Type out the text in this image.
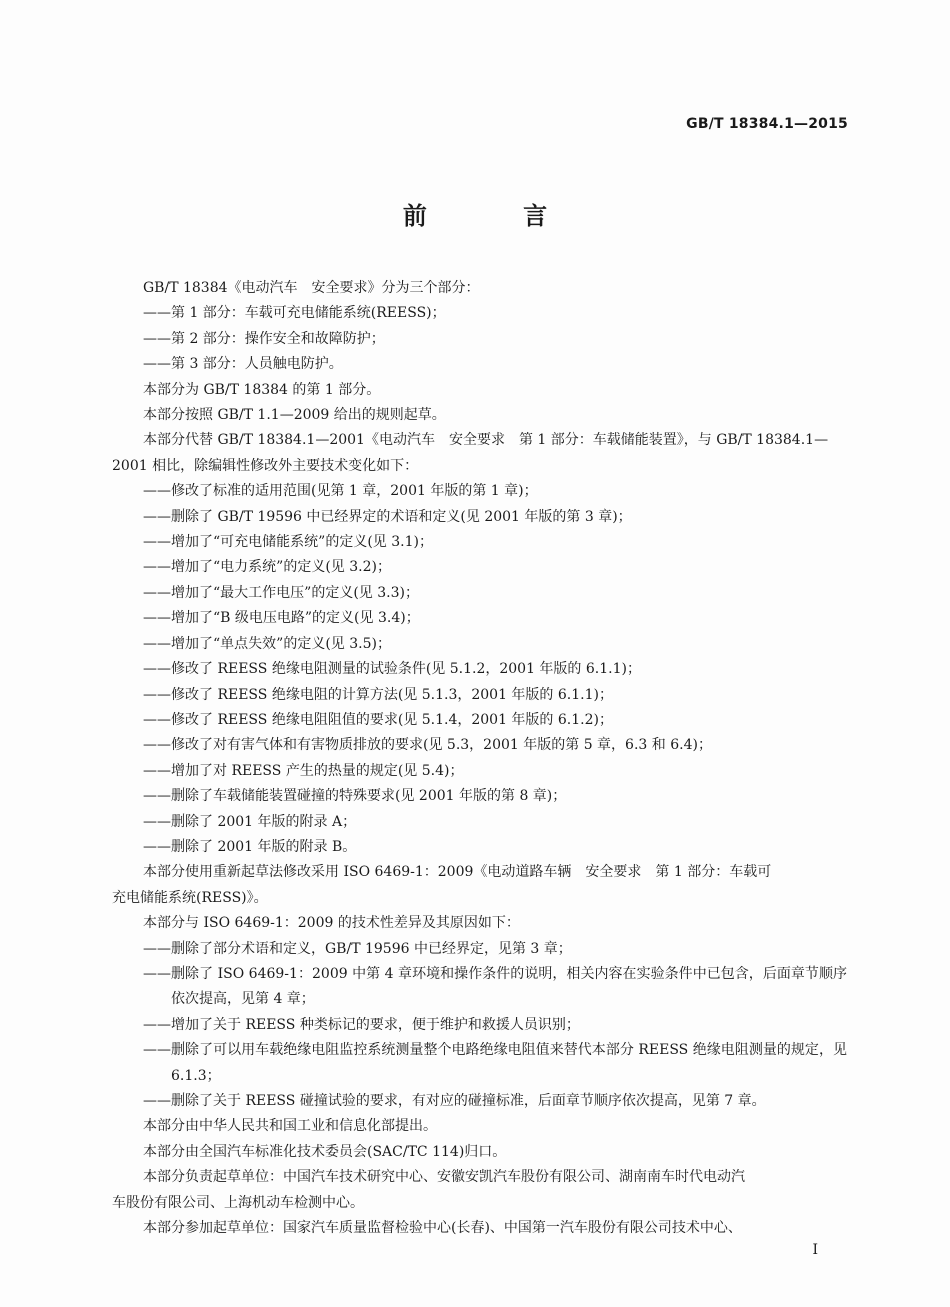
GB/T 18384.1—2015
前 言

GB/T 18384《电动汽车　安全要求》分为三个部分：

——第 1 部分：车载可充电储能系统(REESS)；

——第 2 部分：操作安全和故障防护；

——第 3 部分：人员触电防护。

本部分为 GB/T 18384 的第 1 部分。

本部分按照 GB/T 1.1—2009 给出的规则起草。

本部分代替 GB/T 18384.1—2001《电动汽车　安全要求　第 1 部分：车载储能装置》，与 GB/T 18384.1—

2001 相比，除编辑性修改外主要技术变化如下：

——修改了标准的适用范围(见第 1 章，2001 年版的第 1 章)；

——删除了 GB/T 19596 中已经界定的术语和定义(见 2001 年版的第 3 章)；

——增加了“可充电储能系统”的定义(见 3.1)；

——增加了“电力系统”的定义(见 3.2)；

——增加了“最大工作电压”的定义(见 3.3)；

——增加了“B 级电压电路”的定义(见 3.4)；

——增加了“单点失效”的定义(见 3.5)；

——修改了 REESS 绝缘电阻测量的试验条件(见 5.1.2，2001 年版的 6.1.1)；

——修改了 REESS 绝缘电阻的计算方法(见 5.1.3，2001 年版的 6.1.1)；

——修改了 REESS 绝缘电阻阻值的要求(见 5.1.4，2001 年版的 6.1.2)；

——修改了对有害气体和有害物质排放的要求(见 5.3，2001 年版的第 5 章，6.3 和 6.4)；

——增加了对 REESS 产生的热量的规定(见 5.4)；

——删除了车载储能装置碰撞的特殊要求(见 2001 年版的第 8 章)；

——删除了 2001 年版的附录 A；

——删除了 2001 年版的附录 B。

本部分使用重新起草法修改采用 ISO 6469-1：2009《电动道路车辆　安全要求　第 1 部分：车载可

充电储能系统(RESS)》。

本部分与 ISO 6469-1：2009 的技术性差异及其原因如下：

——删除了部分术语和定义，GB/T 19596 中已经界定，见第 3 章；

——删除了 ISO 6469-1：2009 中第 4 章环境和操作条件的说明，相关内容在实验条件中已包含，后面章节顺序依次提高，见第 4 章；

——增加了关于 REESS 种类标记的要求，便于维护和救援人员识别；

——删除了可以用车载绝缘电阻监控系统测量整个电路绝缘电阻值来替代本部分 REESS 绝缘电阻测量的规定，见 6.1.3；

——删除了关于 REESS 碰撞试验的要求，有对应的碰撞标准，后面章节顺序依次提高，见第 7 章。

本部分由中华人民共和国工业和信息化部提出。

本部分由全国汽车标准化技术委员会(SAC/TC 114)归口。

本部分负责起草单位：中国汽车技术研究中心、安徽安凯汽车股份有限公司、湖南南车时代电动汽

车股份有限公司、上海机动车检测中心。

本部分参加起草单位：国家汽车质量监督检验中心(长春)、中国第一汽车股份有限公司技术中心、

I
